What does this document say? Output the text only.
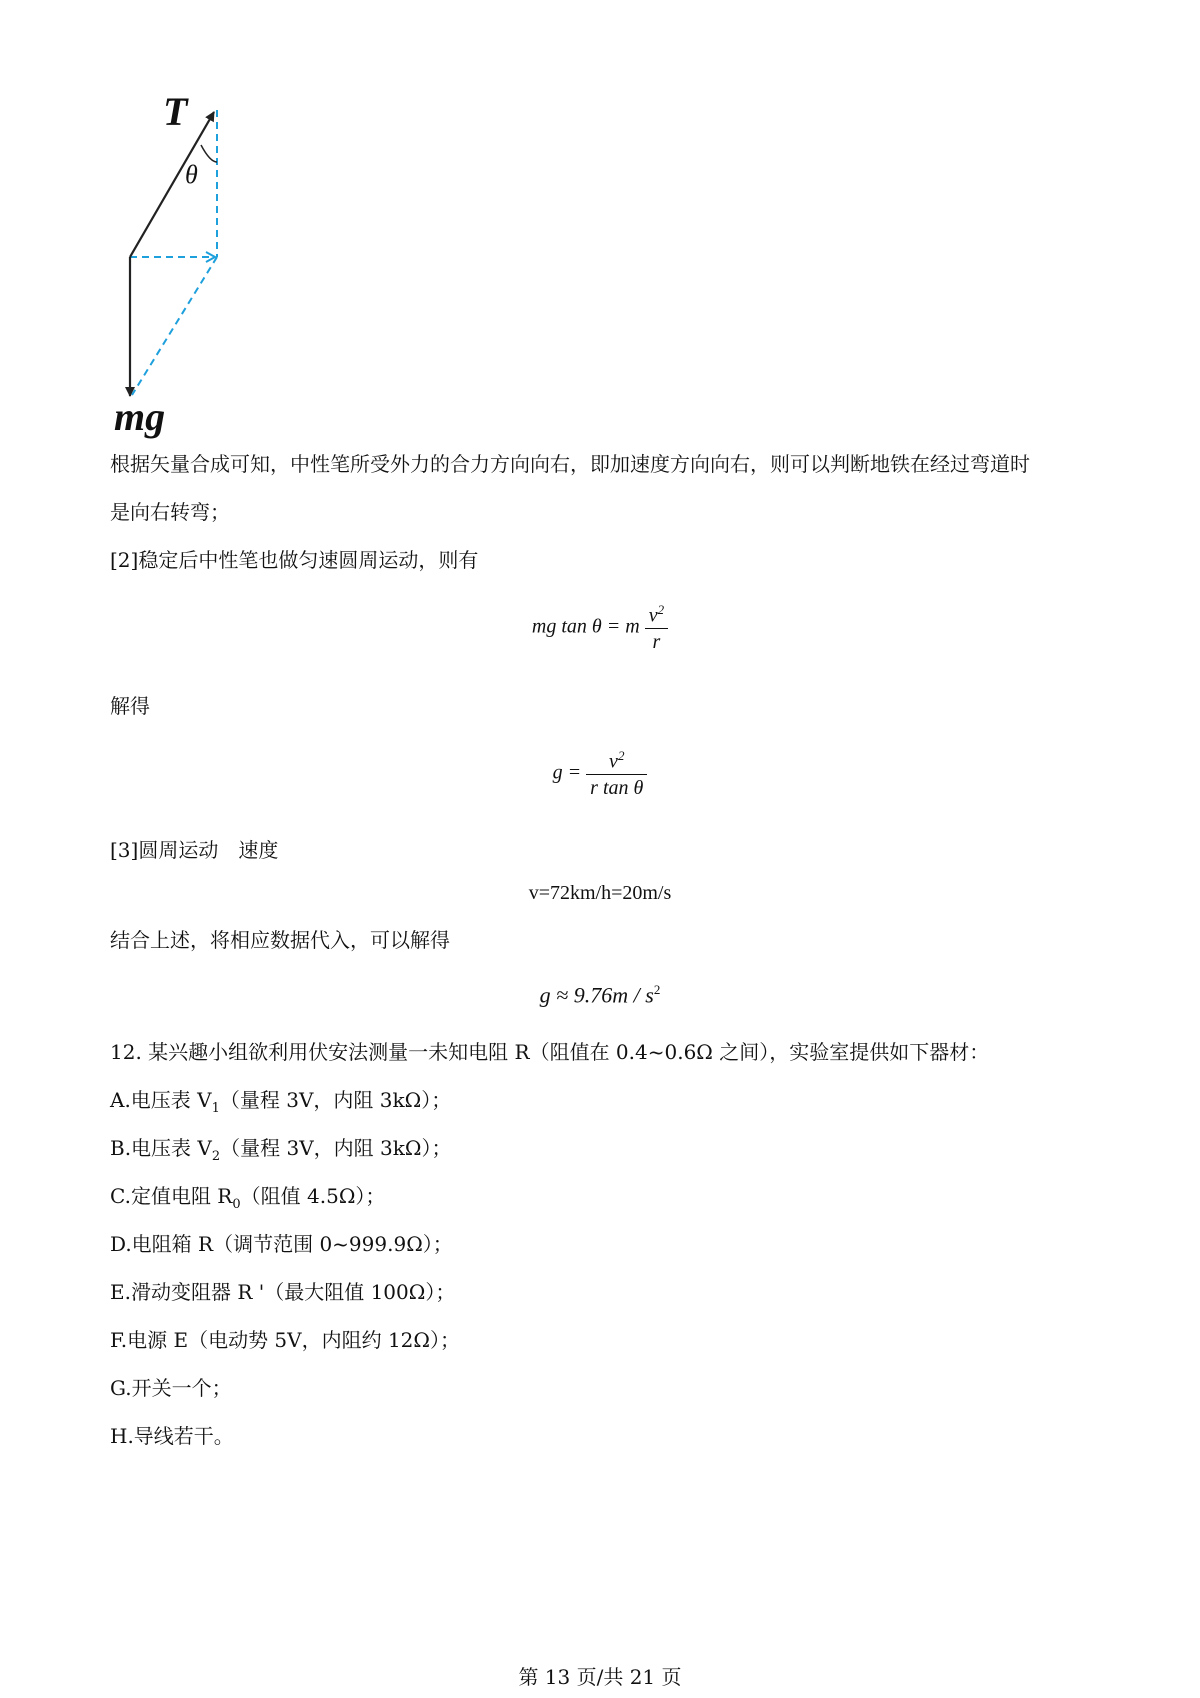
T
θ
mg
根据矢量合成可知，中性笔所受外力的合力方向向右，即加速度方向向右，则可以判断地铁在经过弯道时
是向右转弯；
[2]稳定后中性笔也做匀速圆周运动，则有
mg tan θ = m $\frac{v^2}{r}$
解得
$g = \frac{v^2}{\text{r tan θ}}$
[3]圆周运动　速度
v=72km/h=20m/s
结合上述，将相应数据代入，可以解得
$g \approx 9.76m / s^2$
12. 某兴趣小组欲利用伏安法测量一未知电阻 R（阻值在 0.4~0.6Ω 之间），实验室提供如下器材：
A.电压表 $V_1$（量程 3V，内阻 3kΩ）；
B.电压表 $V_2$（量程 3V，内阻 3kΩ）；
C.定值电阻 $R_0$（阻值 4.5Ω）；
D.电阻箱 R（调节范围 0~999.9Ω）；
E.滑动变阻器 R '（最大阻值 100Ω）；
F.电源 E（电动势 5V，内阻约 12Ω）；
G.开关一个；
H.导线若干。
第 13 页/共 21 页
